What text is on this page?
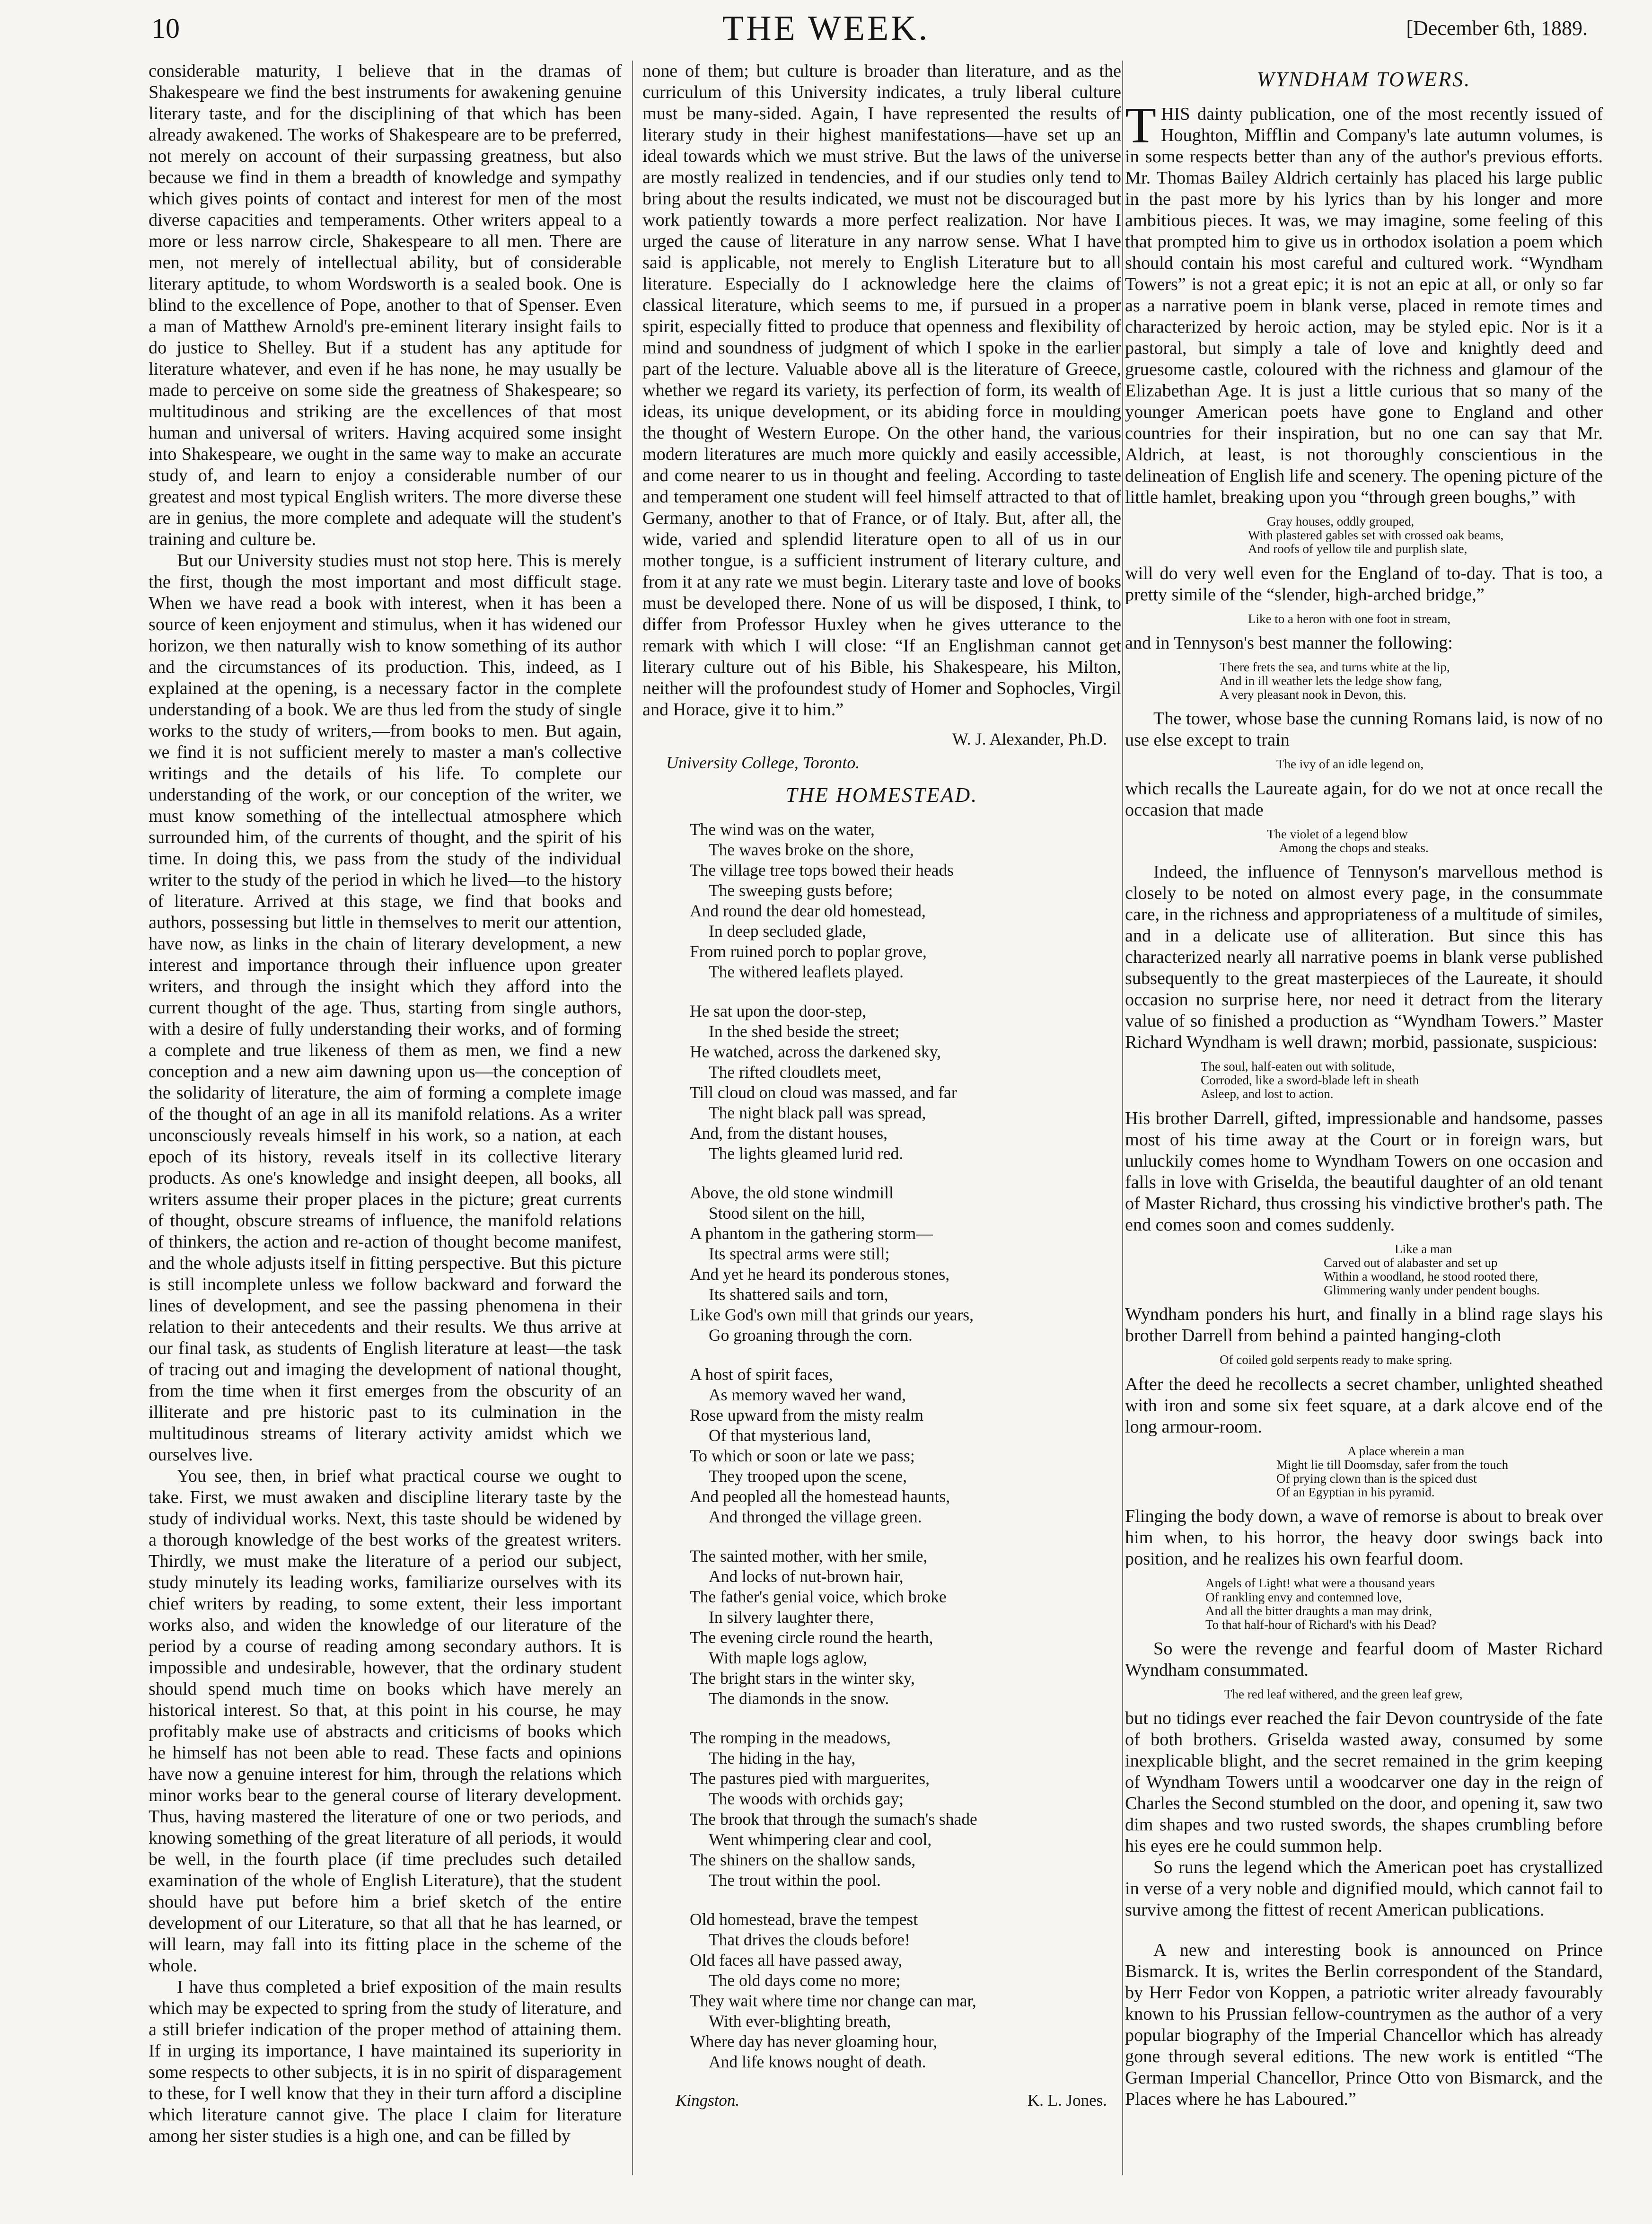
10	THE WEEK.	[December 6th, 1889.

considerable maturity, I believe that in the dramas of Shakespeare we find the best instruments for awakening genuine literary taste, and for the disciplining of that which has been already awakened. The works of Shakespeare are to be preferred, not merely on account of their surpassing greatness, but also because we find in them a breadth of knowledge and sympathy which gives points of contact and interest for men of the most diverse capacities and temperaments. Other writers appeal to a more or less narrow circle, Shakespeare to all men. There are men, not merely of intellectual ability, but of considerable literary aptitude, to whom Wordsworth is a sealed book. One is blind to the excellence of Pope, another to that of Spenser. Even a man of Matthew Arnold's pre-eminent literary insight fails to do justice to Shelley. But if a student has any aptitude for literature whatever, and even if he has none, he may usually be made to perceive on some side the greatness of Shakespeare; so multitudinous and striking are the excellences of that most human and universal of writers. Having acquired some insight into Shakespeare, we ought in the same way to make an accurate study of, and learn to enjoy a considerable number of our greatest and most typical English writers. The more diverse these are in genius, the more complete and adequate will the student's training and culture be.

But our University studies must not stop here. This is merely the first, though the most important and most difficult stage. When we have read a book with interest, when it has been a source of keen enjoyment and stimulus, when it has widened our horizon, we then naturally wish to know something of its author and the circumstances of its production. This, indeed, as I explained at the opening, is a necessary factor in the complete understanding of a book. We are thus led from the study of single works to the study of writers,—from books to men. But again, we find it is not sufficient merely to master a man's collective writings and the details of his life. To complete our understanding of the work, or our conception of the writer, we must know something of the intellectual atmosphere which surrounded him, of the currents of thought, and the spirit of his time. In doing this, we pass from the study of the individual writer to the study of the period in which he lived—to the history of literature. Arrived at this stage, we find that books and authors, possessing but little in themselves to merit our attention, have now, as links in the chain of literary development, a new interest and importance through their influence upon greater writers, and through the insight which they afford into the current thought of the age. Thus, starting from single authors, with a desire of fully understanding their works, and of forming a complete and true likeness of them as men, we find a new conception and a new aim dawning upon us—the conception of the solidarity of literature, the aim of forming a complete image of the thought of an age in all its manifold relations. As a writer unconsciously reveals himself in his work, so a nation, at each epoch of its history, reveals itself in its collective literary products. As one's knowledge and insight deepen, all books, all writers assume their proper places in the picture; great currents of thought, obscure streams of influence, the manifold relations of thinkers, the action and re-action of thought become manifest, and the whole adjusts itself in fitting perspective. But this picture is still incomplete unless we follow backward and forward the lines of development, and see the passing phenomena in their relation to their antecedents and their results. We thus arrive at our final task, as students of English literature at least—the task of tracing out and imaging the development of national thought, from the time when it first emerges from the obscurity of an illiterate and pre historic past to its culmination in the multitudinous streams of literary activity amidst which we ourselves live.

You see, then, in brief what practical course we ought to take. First, we must awaken and discipline literary taste by the study of individual works. Next, this taste should be widened by a thorough knowledge of the best works of the greatest writers. Thirdly, we must make the literature of a period our subject, study minutely its leading works, familiarize ourselves with its chief writers by reading, to some extent, their less important works also, and widen the knowledge of our literature of the period by a course of reading among secondary authors. It is impossible and undesirable, however, that the ordinary student should spend much time on books which have merely an historical interest. So that, at this point in his course, he may profitably make use of abstracts and criticisms of books which he himself has not been able to read. These facts and opinions have now a genuine interest for him, through the relations which minor works bear to the general course of literary development. Thus, having mastered the literature of one or two periods, and knowing something of the great literature of all periods, it would be well, in the fourth place (if time precludes such detailed examination of the whole of English Literature), that the student should have put before him a brief sketch of the entire development of our Literature, so that all that he has learned, or will learn, may fall into its fitting place in the scheme of the whole.

I have thus completed a brief exposition of the main results which may be expected to spring from the study of literature, and a still briefer indication of the proper method of attaining them. If in urging its importance, I have maintained its superiority in some respects to other subjects, it is in no spirit of disparagement to these, for I well know that they in their turn afford a discipline which literature cannot give. The place I claim for literature among her sister studies is a high one, and can be filled by

none of them; but culture is broader than literature, and as the curriculum of this University indicates, a truly liberal culture must be many-sided. Again, I have represented the results of literary study in their highest manifestations—have set up an ideal towards which we must strive. But the laws of the universe are mostly realized in tendencies, and if our studies only tend to bring about the results indicated, we must not be discouraged but work patiently towards a more perfect realization. Nor have I urged the cause of literature in any narrow sense. What I have said is applicable, not merely to English Literature but to all literature. Especially do I acknowledge here the claims of classical literature, which seems to me, if pursued in a proper spirit, especially fitted to produce that openness and flexibility of mind and soundness of judgment of which I spoke in the earlier part of the lecture. Valuable above all is the literature of Greece, whether we regard its variety, its perfection of form, its wealth of ideas, its unique development, or its abiding force in moulding the thought of Western Europe. On the other hand, the various modern literatures are much more quickly and easily accessible, and come nearer to us in thought and feeling. According to taste and temperament one student will feel himself attracted to that of Germany, another to that of France, or of Italy. But, after all, the wide, varied and splendid literature open to all of us in our mother tongue, is a sufficient instrument of literary culture, and from it at any rate we must begin. Literary taste and love of books must be developed there. None of us will be disposed, I think, to differ from Professor Huxley when he gives utterance to the remark with which I will close: “If an Englishman cannot get literary culture out of his Bible, his Shakespeare, his Milton, neither will the profoundest study of Homer and Sophocles, Virgil and Horace, give it to him.”

W. J. Alexander, Ph.D.
University College, Toronto.
THE HOMESTEAD.
The wind was on the water,
The waves broke on the shore,
The village tree tops bowed their heads
The sweeping gusts before;
And round the dear old homestead,
In deep secluded glade,
From ruined porch to poplar grove,
The withered leaflets played.
He sat upon the door-step,
In the shed beside the street;
He watched, across the darkened sky,
The rifted cloudlets meet,
Till cloud on cloud was massed, and far
The night black pall was spread,
And, from the distant houses,
The lights gleamed lurid red.
Above, the old stone windmill
Stood silent on the hill,
A phantom in the gathering storm—
Its spectral arms were still;
And yet he heard its ponderous stones,
Its shattered sails and torn,
Like God's own mill that grinds our years,
Go groaning through the corn.
A host of spirit faces,
As memory waved her wand,
Rose upward from the misty realm
Of that mysterious land,
To which or soon or late we pass;
They trooped upon the scene,
And peopled all the homestead haunts,
And thronged the village green.
The sainted mother, with her smile,
And locks of nut-brown hair,
The father's genial voice, which broke
In silvery laughter there,
The evening circle round the hearth,
With maple logs aglow,
The bright stars in the winter sky,
The diamonds in the snow.
The romping in the meadows,
The hiding in the hay,
The pastures pied with marguerites,
The woods with orchids gay;
The brook that through the sumach's shade
Went whimpering clear and cool,
The shiners on the shallow sands,
The trout within the pool.
Old homestead, brave the tempest
That drives the clouds before!
Old faces all have passed away,
The old days come no more;
They wait where time nor change can mar,
With ever-blighting breath,
Where day has never gloaming hour,
And life knows nought of death.
Kingston.	K. L. Jones.
WYNDHAM TOWERS.

THIS dainty publication, one of the most recently issued of Houghton, Mifflin and Company's late autumn volumes, is in some respects better than any of the author's previous efforts. Mr. Thomas Bailey Aldrich certainly has placed his large public in the past more by his lyrics than by his longer and more ambitious pieces. It was, we may imagine, some feeling of this that prompted him to give us in orthodox isolation a poem which should contain his most careful and cultured work. “Wyndham Towers” is not a great epic; it is not an epic at all, or only so far as a narrative poem in blank verse, placed in remote times and characterized by heroic action, may be styled epic. Nor is it a pastoral, but simply a tale of love and knightly deed and gruesome castle, coloured with the richness and glamour of the Elizabethan Age. It is just a little curious that so many of the younger American poets have gone to England and other countries for their inspiration, but no one can say that Mr. Aldrich, at least, is not thoroughly conscientious in the delineation of English life and scenery. The opening picture of the little hamlet, breaking upon you “through green boughs,” with

Gray houses, oddly grouped,
With plastered gables set with crossed oak beams,
And roofs of yellow tile and purplish slate,

will do very well even for the England of to-day. That is too, a pretty simile of the “slender, high-arched bridge,”

Like to a heron with one foot in stream,

and in Tennyson's best manner the following:

There frets the sea, and turns white at the lip,
And in ill weather lets the ledge show fang,
A very pleasant nook in Devon, this.

The tower, whose base the cunning Romans laid, is now of no use else except to train

The ivy of an idle legend on,

which recalls the Laureate again, for do we not at once recall the occasion that made

The violet of a legend blow
Among the chops and steaks.

Indeed, the influence of Tennyson's marvellous method is closely to be noted on almost every page, in the consummate care, in the richness and appropriateness of a multitude of similes, and in a delicate use of alliteration. But since this has characterized nearly all narrative poems in blank verse published subsequently to the great masterpieces of the Laureate, it should occasion no surprise here, nor need it detract from the literary value of so finished a production as “Wyndham Towers.” Master Richard Wyndham is well drawn; morbid, passionate, suspicious:

The soul, half-eaten out with solitude,
Corroded, like a sword-blade left in sheath
Asleep, and lost to action.

His brother Darrell, gifted, impressionable and handsome, passes most of his time away at the Court or in foreign wars, but unluckily comes home to Wyndham Towers on one occasion and falls in love with Griselda, the beautiful daughter of an old tenant of Master Richard, thus crossing his vindictive brother's path. The end comes soon and comes suddenly.

Like a man
Carved out of alabaster and set up
Within a woodland, he stood rooted there,
Glimmering wanly under pendent boughs.

Wyndham ponders his hurt, and finally in a blind rage slays his brother Darrell from behind a painted hanging-cloth

Of coiled gold serpents ready to make spring.

After the deed he recollects a secret chamber, unlighted sheathed with iron and some six feet square, at a dark alcove end of the long armour-room.

A place wherein a man
Might lie till Doomsday, safer from the touch
Of prying clown than is the spiced dust
Of an Egyptian in his pyramid.

Flinging the body down, a wave of remorse is about to break over him when, to his horror, the heavy door swings back into position, and he realizes his own fearful doom.

Angels of Light! what were a thousand years
Of rankling envy and contemned love,
And all the bitter draughts a man may drink,
To that half-hour of Richard's with his Dead?

So were the revenge and fearful doom of Master Richard Wyndham consummated.

The red leaf withered, and the green leaf grew,

but no tidings ever reached the fair Devon countryside of the fate of both brothers. Griselda wasted away, consumed by some inexplicable blight, and the secret remained in the grim keeping of Wyndham Towers until a woodcarver one day in the reign of Charles the Second stumbled on the door, and opening it, saw two dim shapes and two rusted swords, the shapes crumbling before his eyes ere he could summon help.

So runs the legend which the American poet has crystallized in verse of a very noble and dignified mould, which cannot fail to survive among the fittest of recent American publications.

A new and interesting book is announced on Prince Bismarck. It is, writes the Berlin correspondent of the Standard, by Herr Fedor von Koppen, a patriotic writer already favourably known to his Prussian fellow-countrymen as the author of a very popular biography of the Imperial Chancellor which has already gone through several editions. The new work is entitled “The German Imperial Chancellor, Prince Otto von Bismarck, and the Places where he has Laboured.”
